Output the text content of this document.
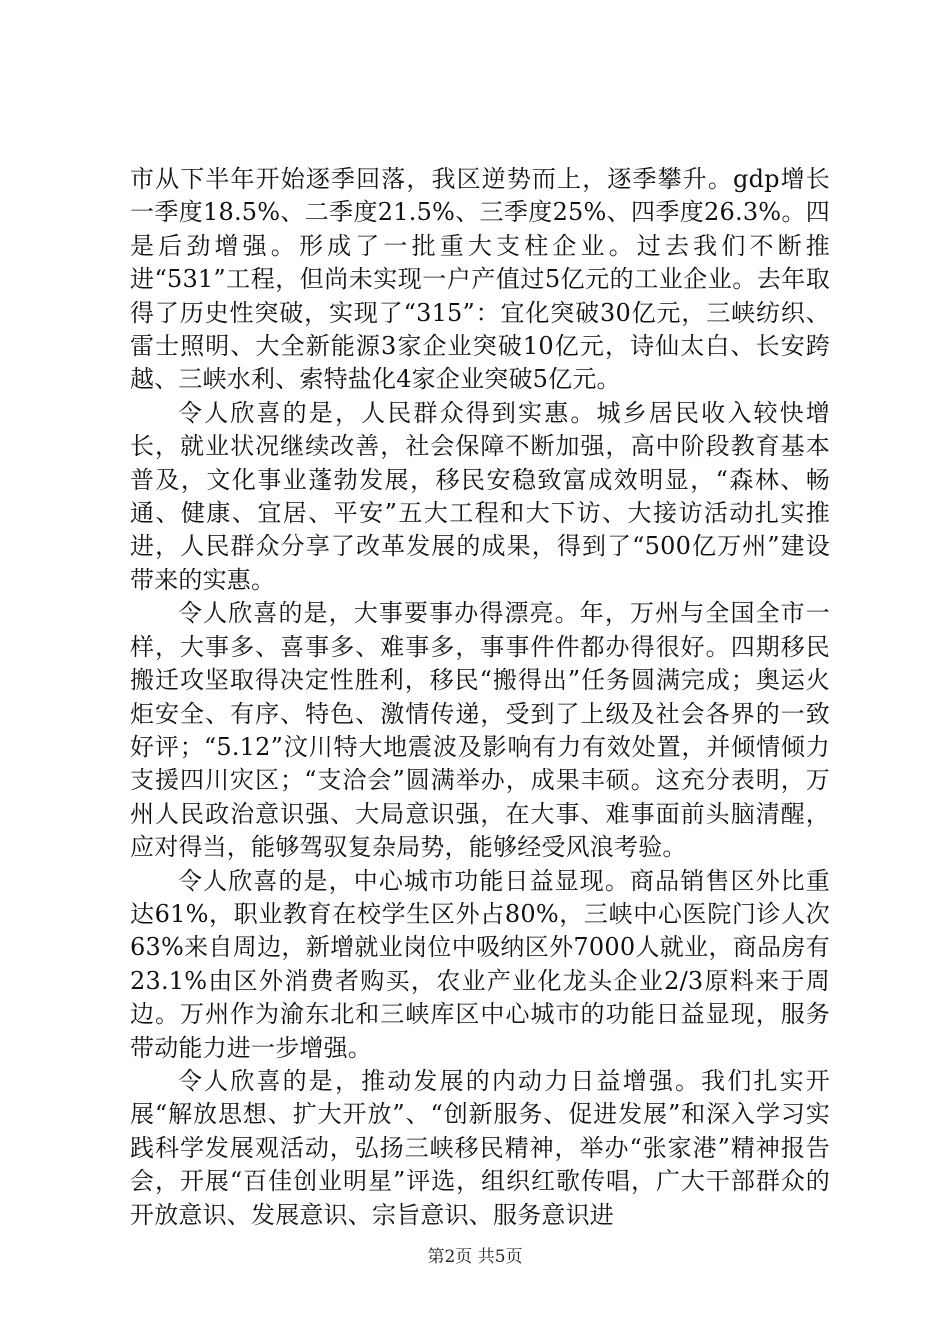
市从下半年开始逐季回落，我区逆势而上，逐季攀升。gdp增长一季度18.5%、二季度21.5%、三季度25%、四季度26.3%。四是后劲增强。形成了一批重大支柱企业。过去我们不断推进“531”工程，但尚未实现一户产值过5亿元的工业企业。去年取得了历史性突破，实现了“315”：宜化突破30亿元，三峡纺织、雷士照明、大全新能源3家企业突破10亿元，诗仙太白、长安跨越、三峡水利、索特盐化4家企业突破5亿元。

令人欣喜的是，人民群众得到实惠。城乡居民收入较快增长，就业状况继续改善，社会保障不断加强，高中阶段教育基本普及，文化事业蓬勃发展，移民安稳致富成效明显，“森林、畅通、健康、宜居、平安”五大工程和大下访、大接访活动扎实推进，人民群众分享了改革发展的成果，得到了“500亿万州”建设带来的实惠。

令人欣喜的是，大事要事办得漂亮。年，万州与全国全市一样，大事多、喜事多、难事多，事事件件都办得很好。四期移民搬迁攻坚取得决定性胜利，移民“搬得出”任务圆满完成；奥运火炬安全、有序、特色、激情传递，受到了上级及社会各界的一致好评；“5.12”汶川特大地震波及影响有力有效处置，并倾情倾力支援四川灾区；“支洽会”圆满举办，成果丰硕。这充分表明，万州人民政治意识强、大局意识强，在大事、难事面前头脑清醒，应对得当，能够驾驭复杂局势，能够经受风浪考验。

令人欣喜的是，中心城市功能日益显现。商品销售区外比重达61%，职业教育在校学生区外占80%，三峡中心医院门诊人次63%来自周边，新增就业岗位中吸纳区外7000人就业，商品房有23.1%由区外消费者购买，农业产业化龙头企业2/3原料来于周边。万州作为渝东北和三峡库区中心城市的功能日益显现，服务带动能力进一步增强。

令人欣喜的是，推动发展的内动力日益增强。我们扎实开展“解放思想、扩大开放”、“创新服务、促进发展”和深入学习实践科学发展观活动，弘扬三峡移民精神，举办“张家港”精神报告会，开展“百佳创业明星”评选，组织红歌传唱，广大干部群众的开放意识、发展意识、宗旨意识、服务意识进

第2页 共5页
